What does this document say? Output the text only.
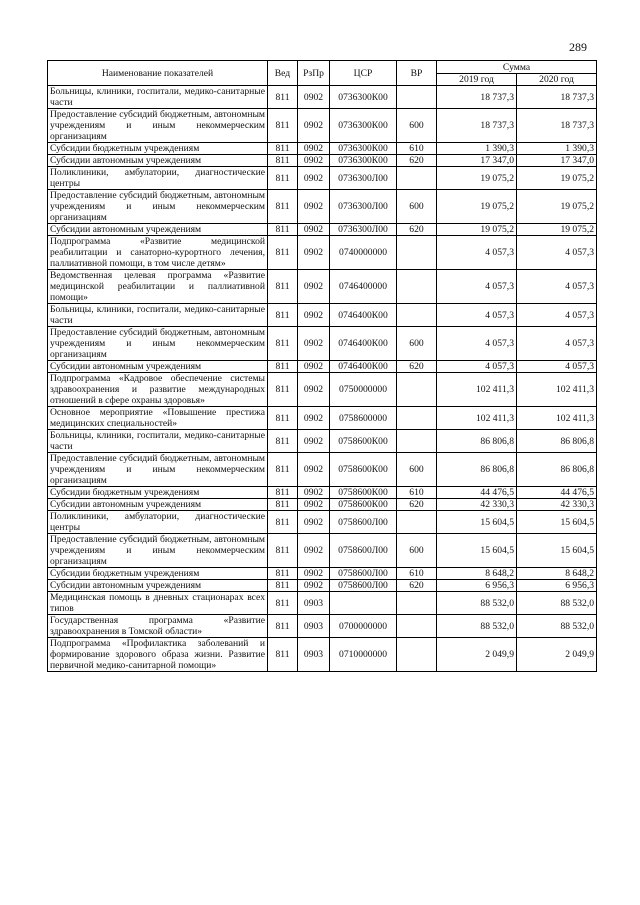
289
Наименование показателей	Вед	РзПр	ЦСР	ВР	Сумма	
					2019 год	2020 год
Больницы, клиники, госпитали, медико-санитарные части	811	0902	0736300К00		18 737,3	18 737,3
Предоставление субсидий бюджетным, автономным учреждениям и иным некоммерческим организациям	811	0902	0736300К00	600	18 737,3	18 737,3
Субсидии бюджетным учреждениям	811	0902	0736300К00	610	1 390,3	1 390,3
Субсидии автономным учреждениям	811	0902	0736300К00	620	17 347,0	17 347,0
Поликлиники, амбулатории, диагностические центры	811	0902	0736300Л00		19 075,2	19 075,2
Предоставление субсидий бюджетным, автономным учреждениям и иным некоммерческим организациям	811	0902	0736300Л00	600	19 075,2	19 075,2
Субсидии автономным учреждениям	811	0902	0736300Л00	620	19 075,2	19 075,2
Подпрограмма «Развитие медицинской реабилитации и санаторно-курортного лечения, паллиативной помощи, в том числе детям»	811	0902	0740000000		4 057,3	4 057,3
Ведомственная целевая программа «Развитие медицинской реабилитации и паллиативной помощи»	811	0902	0746400000		4 057,3	4 057,3
Больницы, клиники, госпитали, медико-санитарные части	811	0902	0746400К00		4 057,3	4 057,3
Предоставление субсидий бюджетным, автономным учреждениям и иным некоммерческим организациям	811	0902	0746400К00	600	4 057,3	4 057,3
Субсидии автономным учреждениям	811	0902	0746400К00	620	4 057,3	4 057,3
Подпрограмма «Кадровое обеспечение системы здравоохранения и развитие международных отношений в сфере охраны здоровья»	811	0902	0750000000		102 411,3	102 411,3
Основное мероприятие «Повышение престижа медицинских специальностей»	811	0902	0758600000		102 411,3	102 411,3
Больницы, клиники, госпитали, медико-санитарные части	811	0902	0758600К00		86 806,8	86 806,8
Предоставление субсидий бюджетным, автономным учреждениям и иным некоммерческим организациям	811	0902	0758600К00	600	86 806,8	86 806,8
Субсидии бюджетным учреждениям	811	0902	0758600К00	610	44 476,5	44 476,5
Субсидии автономным учреждениям	811	0902	0758600К00	620	42 330,3	42 330,3
Поликлиники, амбулатории, диагностические центры	811	0902	0758600Л00		15 604,5	15 604,5
Предоставление субсидий бюджетным, автономным учреждениям и иным некоммерческим организациям	811	0902	0758600Л00	600	15 604,5	15 604,5
Субсидии бюджетным учреждениям	811	0902	0758600Л00	610	8 648,2	8 648,2
Субсидии автономным учреждениям	811	0902	0758600Л00	620	6 956,3	6 956,3
Медицинская помощь в дневных стационарах всех типов	811	0903			88 532,0	88 532,0
Государственная программа «Развитие здравоохранения в Томской области»	811	0903	0700000000		88 532,0	88 532,0
Подпрограмма «Профилактика заболеваний и формирование здорового образа жизни. Развитие первичной медико-санитарной помощи»	811	0903	0710000000		2 049,9	2 049,9
